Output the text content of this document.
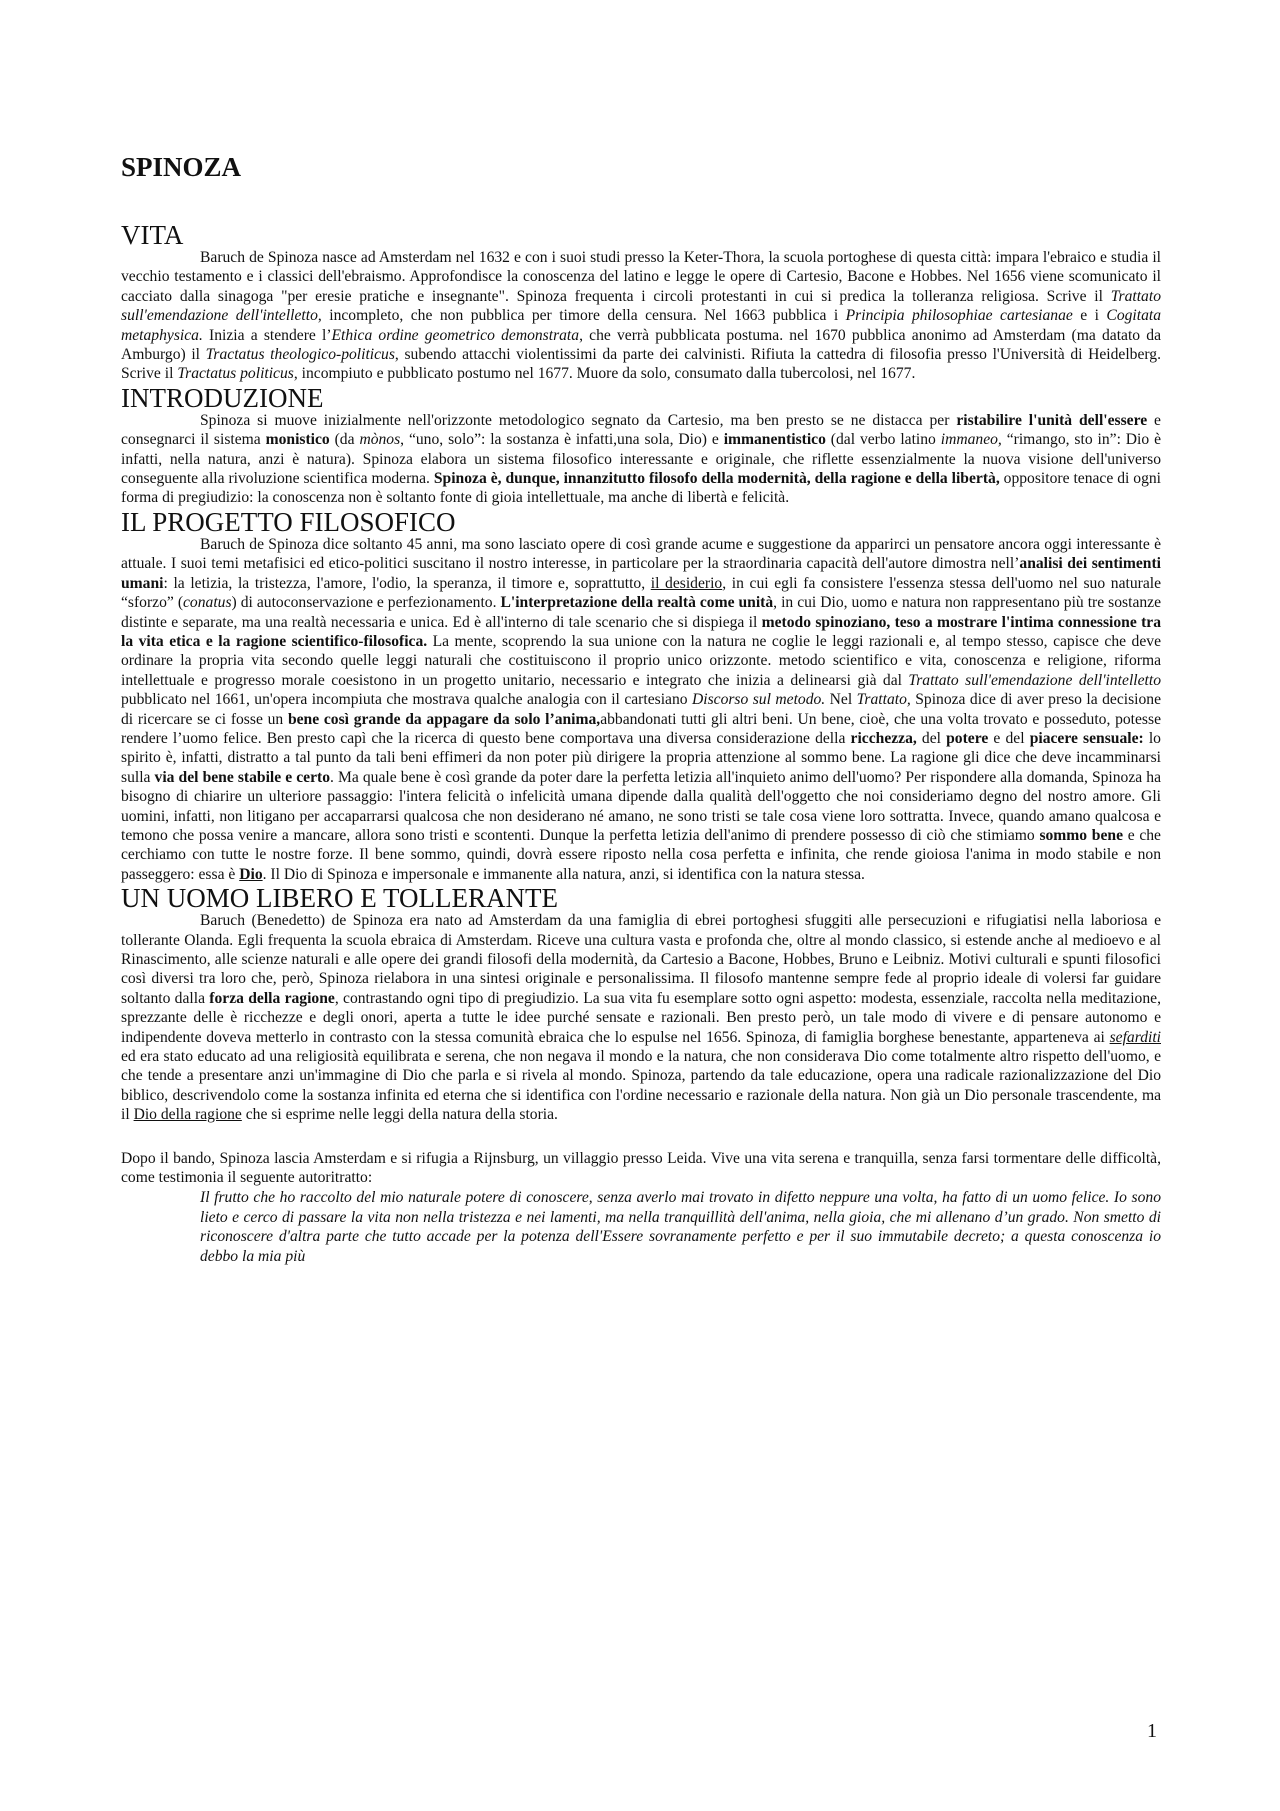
SPINOZA
VITA

Baruch de Spinoza nasce ad Amsterdam nel 1632 e con i suoi studi presso la Keter-Thora, la scuola portoghese di questa città: impara l'ebraico e studia il vecchio testamento e i classici dell'ebraismo. Approfondisce la conoscenza del latino e legge le opere di Cartesio, Bacone e Hobbes. Nel 1656 viene scomunicato il cacciato dalla sinagoga "per eresie pratiche e insegnante". Spinoza frequenta i circoli protestanti in cui si predica la tolleranza religiosa. Scrive il Trattato sull'emendazione dell'intelletto, incompleto, che non pubblica per timore della censura. Nel 1663 pubblica i Principia philosophiae cartesianae e i Cogitata metaphysica. Inizia a stendere l’Ethica ordine geometrico demonstrata, che verrà pubblicata postuma. nel 1670 pubblica anonimo ad Amsterdam (ma datato da Amburgo) il Tractatus theologico-politicus, subendo attacchi violentissimi da parte dei calvinisti. Rifiuta la cattedra di filosofia presso l'Università di Heidelberg. Scrive il Tractatus politicus, incompiuto e pubblicato postumo nel 1677. Muore da solo, consumato dalla tubercolosi, nel 1677.

INTRODUZIONE

Spinoza si muove inizialmente nell'orizzonte metodologico segnato da Cartesio, ma ben presto se ne distacca per ristabilire l'unità dell'essere e consegnarci il sistema monistico (da mònos, “uno, solo”: la sostanza è infatti,una sola, Dio) e immanentistico (dal verbo latino immaneo, “rimango, sto in”: Dio è infatti, nella natura, anzi è natura). Spinoza elabora un sistema filosofico interessante e originale, che riflette essenzialmente la nuova visione dell'universo conseguente alla rivoluzione scientifica moderna. Spinoza è, dunque, innanzitutto filosofo della modernità, della ragione e della libertà, oppositore tenace di ogni forma di pregiudizio: la conoscenza non è soltanto fonte di gioia intellettuale, ma anche di libertà e felicità.

IL PROGETTO FILOSOFICO

Baruch de Spinoza dice soltanto 45 anni, ma sono lasciato opere di così grande acume e suggestione da apparirci un pensatore ancora oggi interessante è attuale. I suoi temi metafisici ed etico-politici suscitano il nostro interesse, in particolare per la straordinaria capacità dell'autore dimostra nell’analisi dei sentimenti umani: la letizia, la tristezza, l'amore, l'odio, la speranza, il timore e, soprattutto, il desiderio, in cui egli fa consistere l'essenza stessa dell'uomo nel suo naturale “sforzo” (conatus) di autoconservazione e perfezionamento. L'interpretazione della realtà come unità, in cui Dio, uomo e natura non rappresentano più tre sostanze distinte e separate, ma una realtà necessaria e unica. Ed è all'interno di tale scenario che si dispiega il metodo spinoziano, teso a mostrare l'intima connessione tra la vita etica e la ragione scientifico-filosofica. La mente, scoprendo la sua unione con la natura ne coglie le leggi razionali e, al tempo stesso, capisce che deve ordinare la propria vita secondo quelle leggi naturali che costituiscono il proprio unico orizzonte. metodo scientifico e vita, conoscenza e religione, riforma intellettuale e progresso morale coesistono in un progetto unitario, necessario e integrato che inizia a delinearsi già dal Trattato sull'emendazione dell'intelletto pubblicato nel 1661, un'opera incompiuta che mostrava qualche analogia con il cartesiano Discorso sul metodo. Nel Trattato, Spinoza dice di aver preso la decisione di ricercare se ci fosse un bene così grande da appagare da solo l’anima,abbandonati tutti gli altri beni. Un bene, cioè, che una volta trovato e posseduto, potesse rendere l’uomo felice. Ben presto capì che la ricerca di questo bene comportava una diversa considerazione della ricchezza, del potere e del piacere sensuale: lo spirito è, infatti, distratto a tal punto da tali beni effimeri da non poter più dirigere la propria attenzione al sommo bene. La ragione gli dice che deve incamminarsi sulla via del bene stabile e certo. Ma quale bene è così grande da poter dare la perfetta letizia all'inquieto animo dell'uomo? Per rispondere alla domanda, Spinoza ha bisogno di chiarire un ulteriore passaggio: l'intera felicità o infelicità umana dipende dalla qualità dell'oggetto che noi consideriamo degno del nostro amore. Gli uomini, infatti, non litigano per accaparrarsi qualcosa che non desiderano né amano, ne sono tristi se tale cosa viene loro sottratta. Invece, quando amano qualcosa e temono che possa venire a mancare, allora sono tristi e scontenti. Dunque la perfetta letizia dell'animo di prendere possesso di ciò che stimiamo sommo bene e che cerchiamo con tutte le nostre forze. Il bene sommo, quindi, dovrà essere riposto nella cosa perfetta e infinita, che rende gioiosa l'anima in modo stabile e non passeggero: essa è Dio. Il Dio di Spinoza e impersonale e immanente alla natura, anzi, si identifica con la natura stessa.

UN UOMO LIBERO E TOLLERANTE

Baruch (Benedetto) de Spinoza era nato ad Amsterdam da una famiglia di ebrei portoghesi sfuggiti alle persecuzioni e rifugiatisi nella laboriosa e tollerante Olanda. Egli frequenta la scuola ebraica di Amsterdam. Riceve una cultura vasta e profonda che, oltre al mondo classico, si estende anche al medioevo e al Rinascimento, alle scienze naturali e alle opere dei grandi filosofi della modernità, da Cartesio a Bacone, Hobbes, Bruno e Leibniz. Motivi culturali e spunti filosofici così diversi tra loro che, però, Spinoza rielabora in una sintesi originale e personalissima. Il filosofo mantenne sempre fede al proprio ideale di volersi far guidare soltanto dalla forza della ragione, contrastando ogni tipo di pregiudizio. La sua vita fu esemplare sotto ogni aspetto: modesta, essenziale, raccolta nella meditazione, sprezzante delle è ricchezze e degli onori, aperta a tutte le idee purché sensate e razionali. Ben presto però, un tale modo di vivere e di pensare autonomo e indipendente doveva metterlo in contrasto con la stessa comunità ebraica che lo espulse nel 1656. Spinoza, di famiglia borghese benestante, apparteneva ai sefarditi ed era stato educato ad una religiosità equilibrata e serena, che non negava il mondo e la natura, che non considerava Dio come totalmente altro rispetto dell'uomo, e che tende a presentare anzi un'immagine di Dio che parla e si rivela al mondo. Spinoza, partendo da tale educazione, opera una radicale razionalizzazione del Dio biblico, descrivendolo come la sostanza infinita ed eterna che si identifica con l'ordine necessario e razionale della natura. Non già un Dio personale trascendente, ma il Dio della ragione che si esprime nelle leggi della natura della storia.

Dopo il bando, Spinoza lascia Amsterdam e si rifugia a Rijnsburg, un villaggio presso Leida. Vive una vita serena e tranquilla, senza farsi tormentare delle difficoltà, come testimonia il seguente autoritratto:

Il frutto che ho raccolto del mio naturale potere di conoscere, senza averlo mai trovato in difetto neppure una volta, ha fatto di un uomo felice. Io sono lieto e cerco di passare la vita non nella tristezza e nei lamenti, ma nella tranquillità dell'anima, nella gioia, che mi allenano d’un grado. Non smetto di riconoscere d'altra parte che tutto accade per la potenza dell'Essere sovranamente perfetto e per il suo immutabile decreto; a questa conoscenza io debbo la mia più

1
